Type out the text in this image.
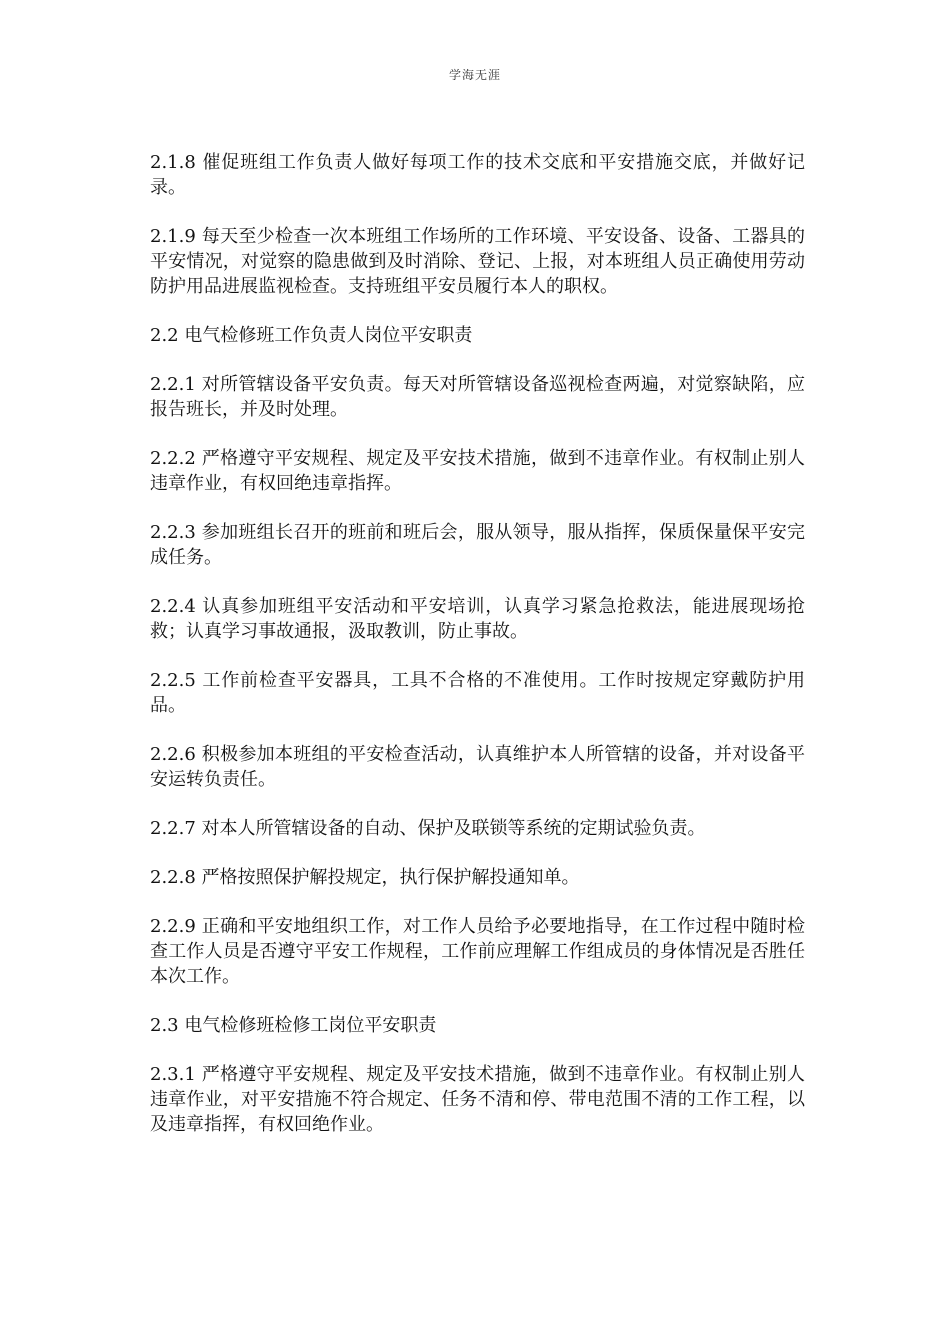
学海无涯

2.1.8 催促班组工作负责人做好每项工作的技术交底和平安措施交底，并做好记录。

2.1.9 每天至少检查一次本班组工作场所的工作环境、平安设备、设备、工器具的平安情况，对觉察的隐患做到及时消除、登记、上报，对本班组人员正确使用劳动防护用品进展监视检查。支持班组平安员履行本人的职权。

2.2 电气检修班工作负责人岗位平安职责

2.2.1 对所管辖设备平安负责。每天对所管辖设备巡视检查两遍，对觉察缺陷，应报告班长，并及时处理。

2.2.2 严格遵守平安规程、规定及平安技术措施，做到不违章作业。有权制止别人违章作业，有权回绝违章指挥。

2.2.3 参加班组长召开的班前和班后会，服从领导，服从指挥，保质保量保平安完成任务。

2.2.4 认真参加班组平安活动和平安培训，认真学习紧急抢救法，能进展现场抢救；认真学习事故通报，汲取教训，防止事故。

2.2.5 工作前检查平安器具，工具不合格的不准使用。工作时按规定穿戴防护用品。

2.2.6 积极参加本班组的平安检查活动，认真维护本人所管辖的设备，并对设备平安运转负责任。

2.2.7 对本人所管辖设备的自动、保护及联锁等系统的定期试验负责。

2.2.8 严格按照保护解投规定，执行保护解投通知单。

2.2.9 正确和平安地组织工作，对工作人员给予必要地指导，在工作过程中随时检查工作人员是否遵守平安工作规程，工作前应理解工作组成员的身体情况是否胜任本次工作。

2.3 电气检修班检修工岗位平安职责

2.3.1 严格遵守平安规程、规定及平安技术措施，做到不违章作业。有权制止别人违章作业，对平安措施不符合规定、任务不清和停、带电范围不清的工作工程，以及违章指挥，有权回绝作业。
